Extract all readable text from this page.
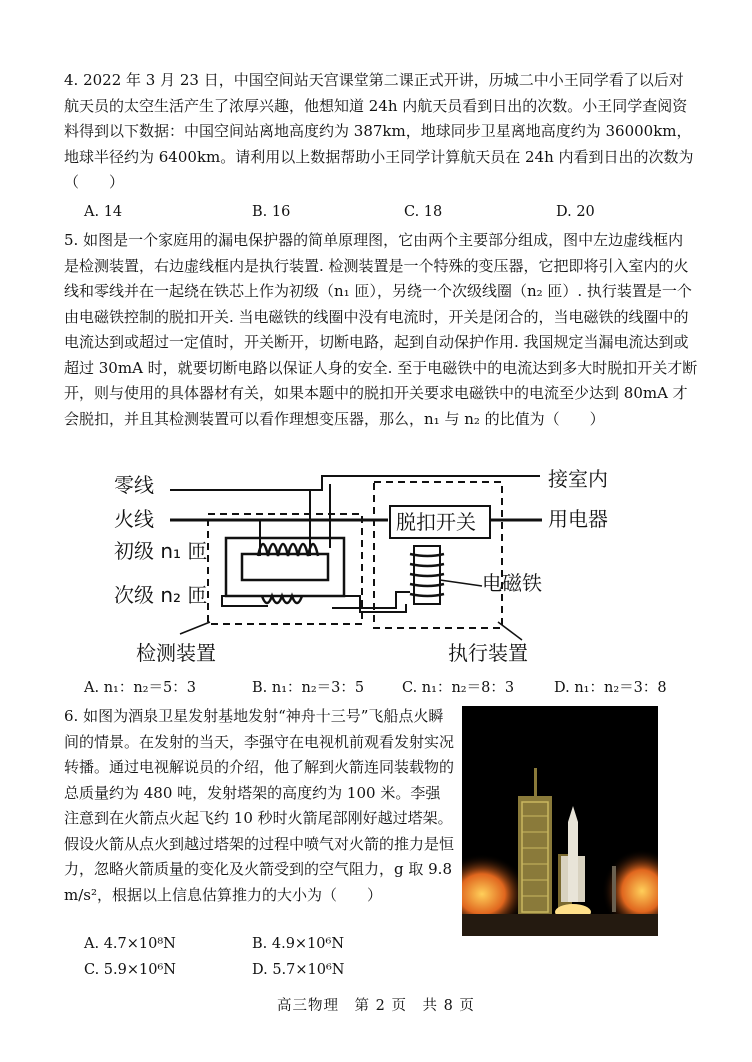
4. 2022 年 3 月 23 日，中国空间站天宫课堂第二课正式开讲，历城二中小王同学看了以后对航天员的太空生活产生了浓厚兴趣，他想知道 24h 内航天员看到日出的次数。小王同学查阅资料得到以下数据：中国空间站离地高度约为 387km，地球同步卫星离地高度约为 36000km，地球半径约为 6400km。请利用以上数据帮助小王同学计算航天员在 24h 内看到日出的次数为（　　）
A. 14	B. 16	C. 18	D. 20
5. 如图是一个家庭用的漏电保护器的简单原理图，它由两个主要部分组成，图中左边虚线框内是检测装置，右边虚线框内是执行装置. 检测装置是一个特殊的变压器，它把即将引入室内的火线和零线并在一起绕在铁芯上作为初级（n₁ 匝），另绕一个次级线圈（n₂ 匝）. 执行装置是一个由电磁铁控制的脱扣开关. 当电磁铁的线圈中没有电流时，开关是闭合的，当电磁铁的线圈中的电流达到或超过一定值时，开关断开，切断电路，起到自动保护作用. 我国规定当漏电流达到或超过 30mA 时，就要切断电路以保证人身的安全. 至于电磁铁中的电流达到多大时脱扣开关才断开，则与使用的具体器材有关，如果本题中的脱扣开关要求电磁铁中的电流至少达到 80mA 才会脱扣，并且其检测装置可以看作理想变压器，那么，n₁ 与 n₂ 的比值为（　　）
零线
火线
初级 n₁ 匝
次级 n₂ 匝
脱扣开关
接室内
用电器
电磁铁
检测装置	执行装置
A. n₁：n₂＝5：3	B. n₁：n₂＝3：5	C. n₁：n₂＝8：3	D. n₁：n₂＝3：8
6. 如图为酒泉卫星发射基地发射“神舟十三号”飞船点火瞬间的情景。在发射的当天，李强守在电视机前观看发射实况转播。通过电视解说员的介绍，他了解到火箭连同装载物的总质量约为 480 吨，发射塔架的高度约为 100 米。李强注意到在火箭点火起飞约 10 秒时火箭尾部刚好越过塔架。假设火箭从点火到越过塔架的过程中喷气对火箭的推力是恒力，忽略火箭质量的变化及火箭受到的空气阻力，g 取 9.8 m/s²，根据以上信息估算推力的大小为（　　）
A. 4.7×10⁸N	B. 4.9×10⁶N
C. 5.9×10⁶N	D. 5.7×10⁶N
高三物理　第 2 页　共 8 页
